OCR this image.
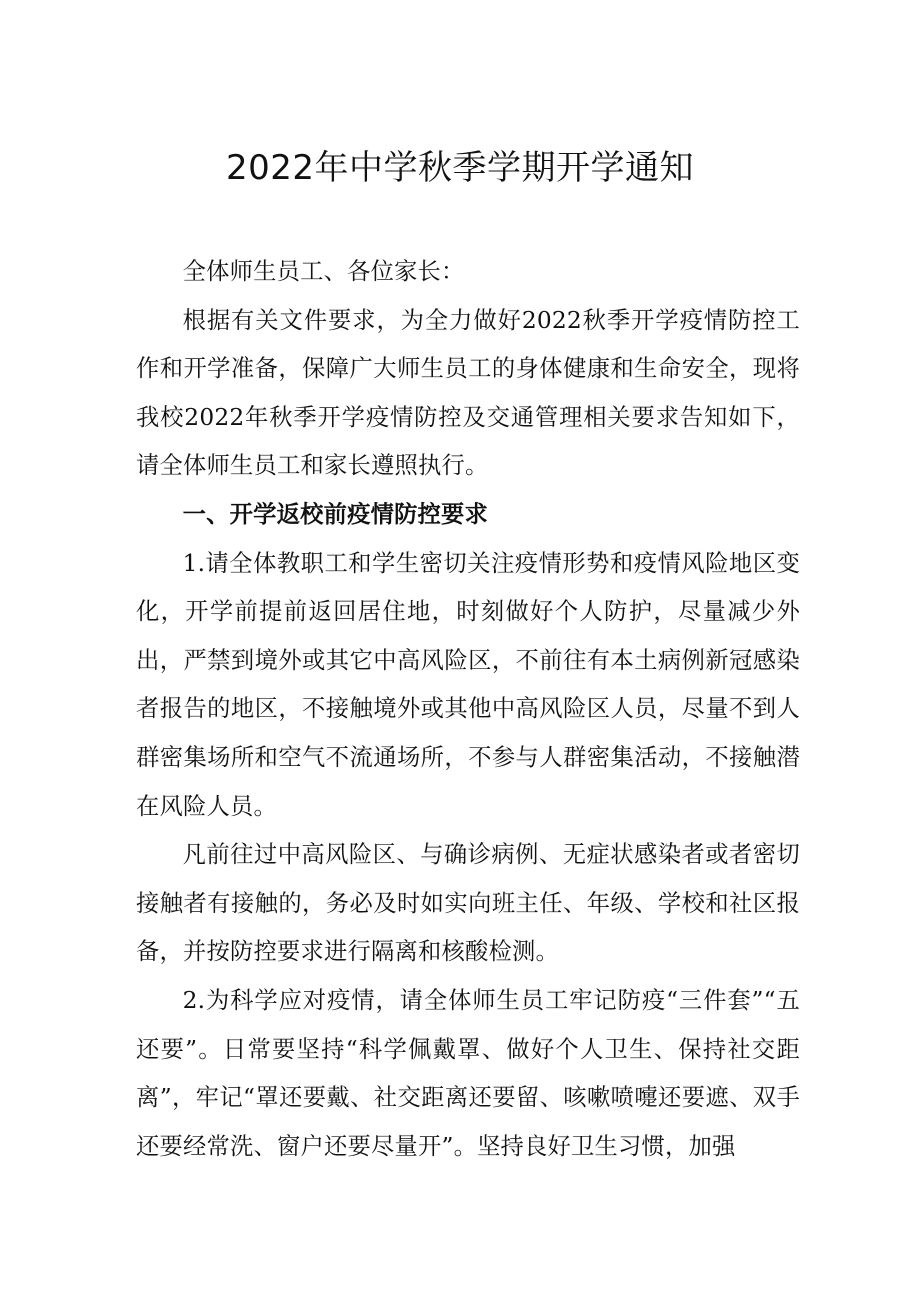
2022年中学秋季学期开学通知

全体师生员工、各位家长：

根据有关文件要求，为全力做好2022秋季开学疫情防控工作和开学准备，保障广大师生员工的身体健康和生命安全，现将我校2022年秋季开学疫情防控及交通管理相关要求告知如下，请全体师生员工和家长遵照执行。

一、开学返校前疫情防控要求

1.请全体教职工和学生密切关注疫情形势和疫情风险地区变化，开学前提前返回居住地，时刻做好个人防护，尽量减少外出，严禁到境外或其它中高风险区，不前往有本土病例新冠感染者报告的地区，不接触境外或其他中高风险区人员，尽量不到人群密集场所和空气不流通场所，不参与人群密集活动，不接触潜在风险人员。

凡前往过中高风险区、与确诊病例、无症状感染者或者密切接触者有接触的，务必及时如实向班主任、年级、学校和社区报备，并按防控要求进行隔离和核酸检测。

2.为科学应对疫情，请全体师生员工牢记防疫“三件套”“五还要”。日常要坚持“科学佩戴罩、做好个人卫生、保持社交距离”，牢记“罩还要戴、社交距离还要留、咳嗽喷嚏还要遮、双手还要经常洗、窗户还要尽量开”。坚持良好卫生习惯，加强
